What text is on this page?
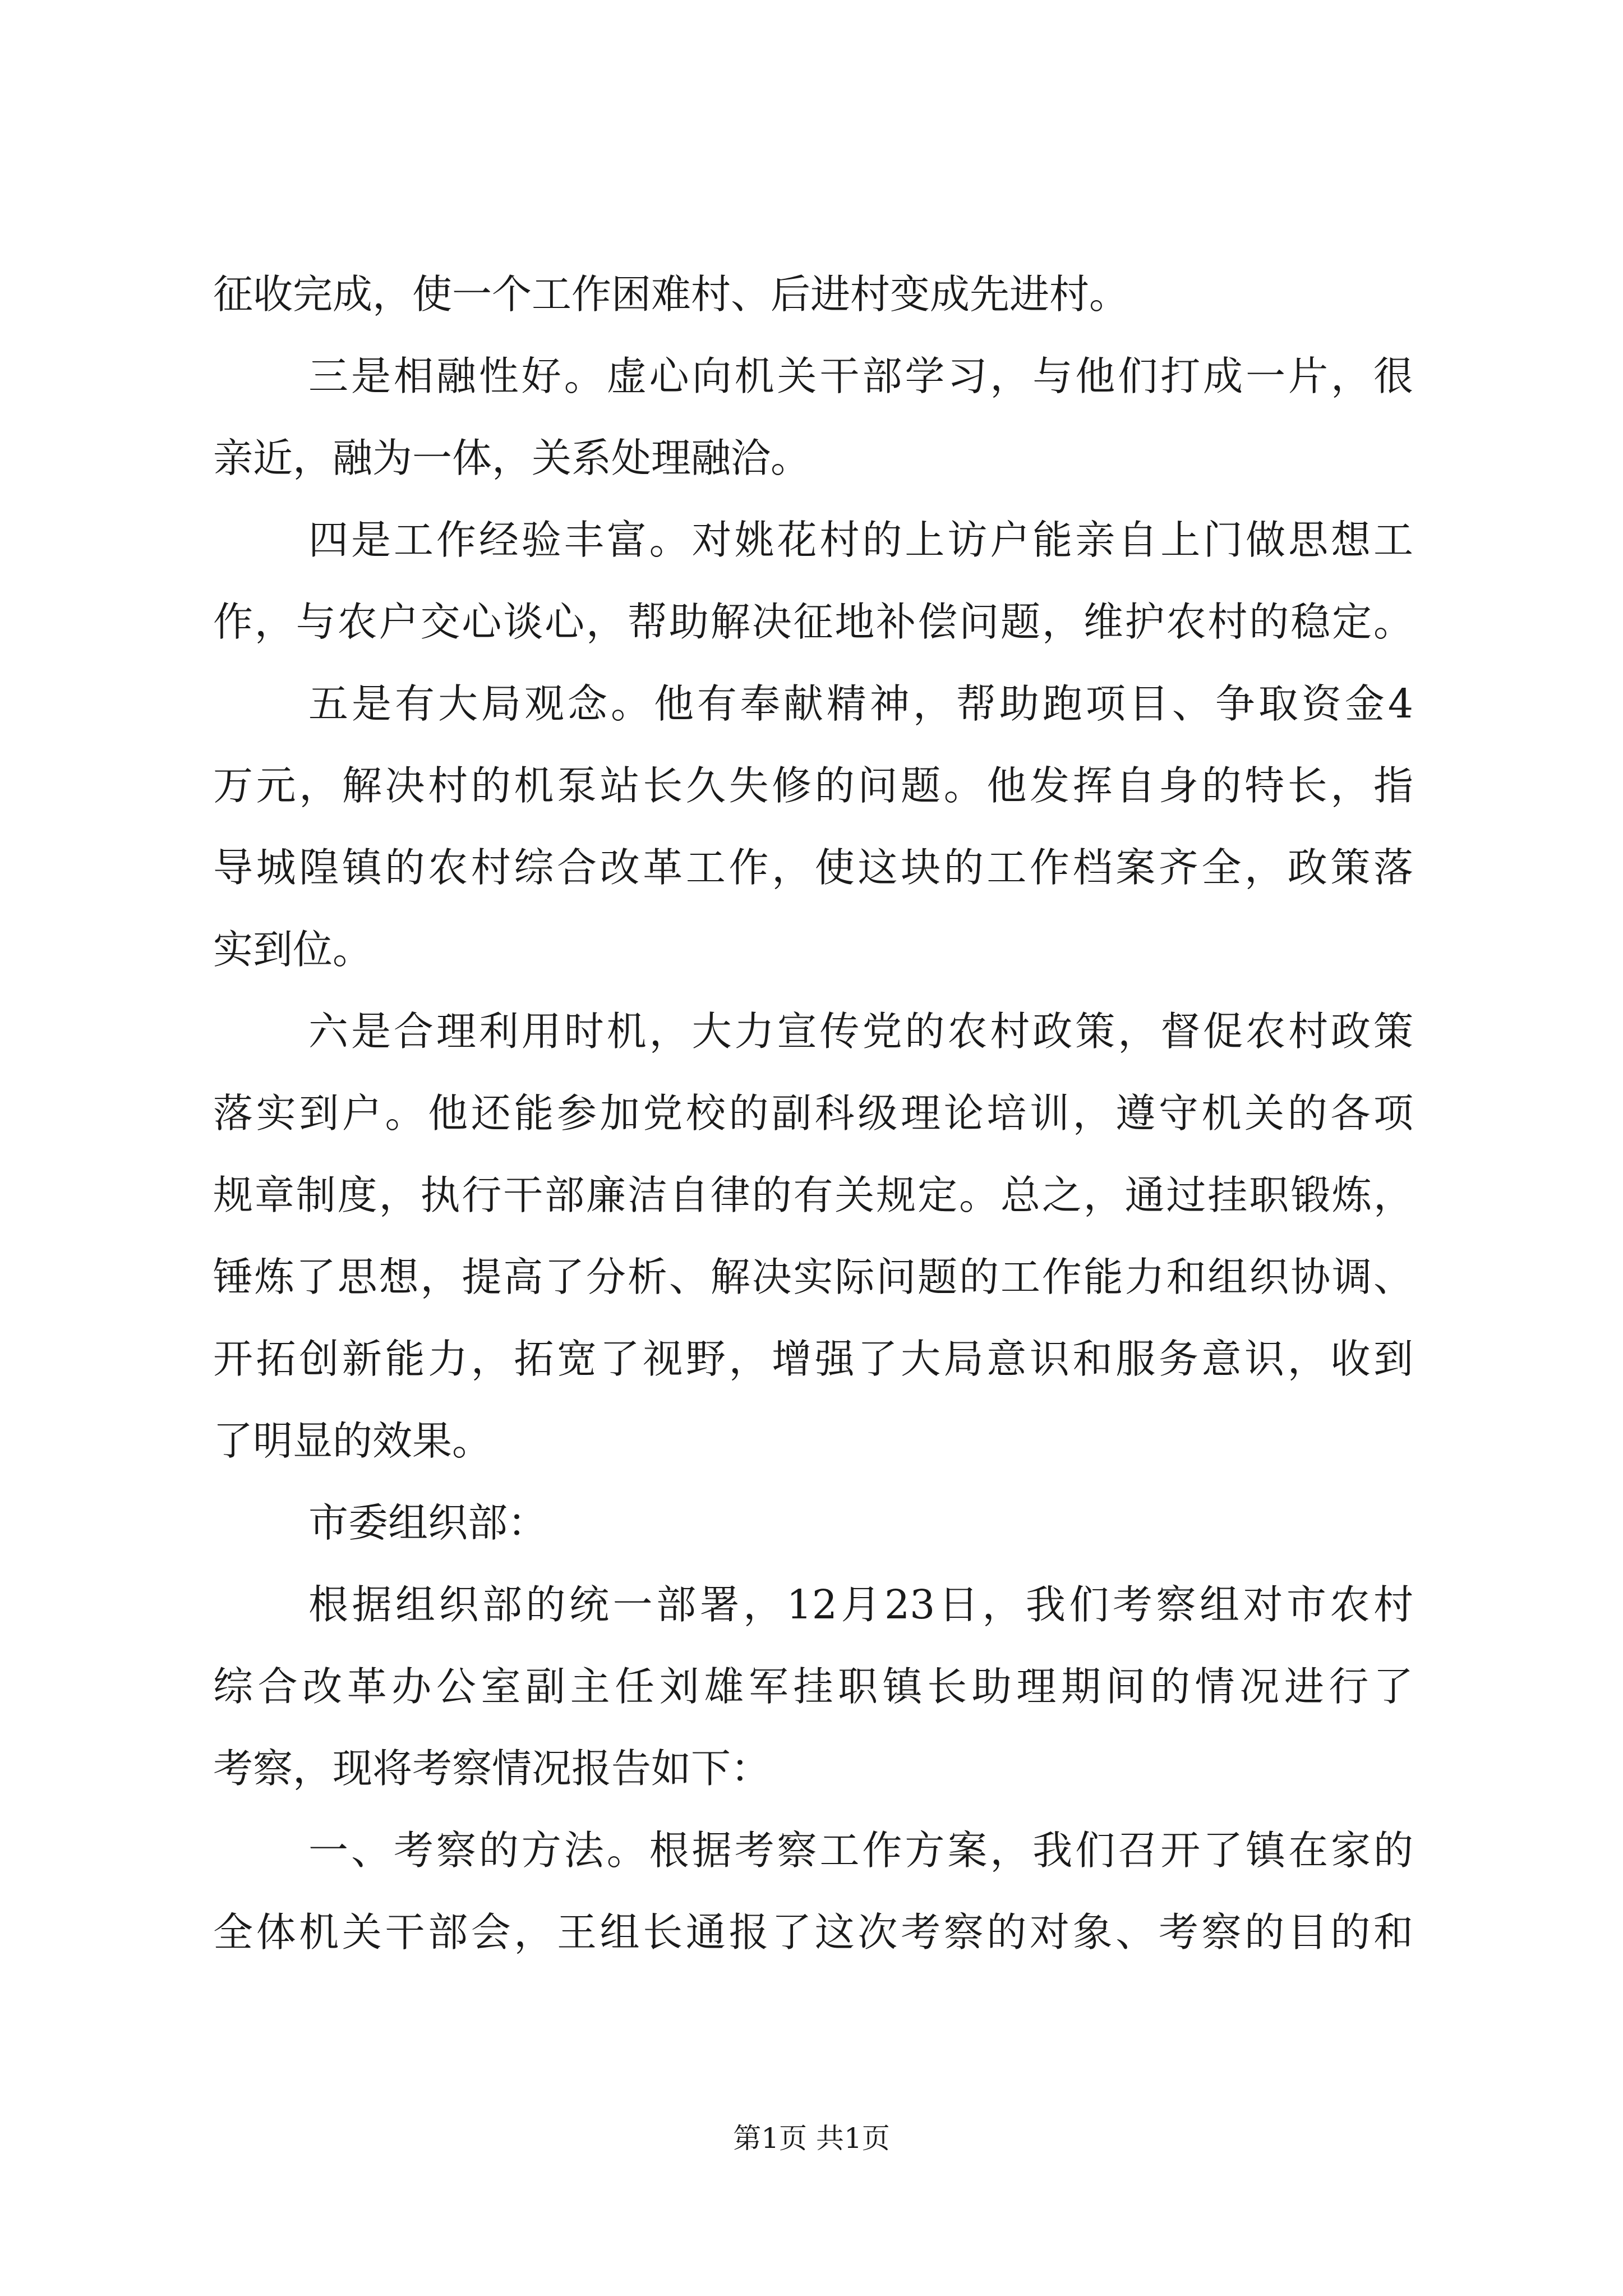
征收完成，使一个工作困难村、后进村变成先进村。
三是相融性好。虚心向机关干部学习，与他们打成一片，很
亲近，融为一体，关系处理融洽。
四是工作经验丰富。对姚花村的上访户能亲自上门做思想工
作，与农户交心谈心，帮助解决征地补偿问题，维护农村的稳定。
五是有大局观念。他有奉献精神，帮助跑项目、争取资金4
万元，解决村的机泵站长久失修的问题。他发挥自身的特长，指
导城隍镇的农村综合改革工作，使这块的工作档案齐全，政策落
实到位。
六是合理利用时机，大力宣传党的农村政策，督促农村政策
落实到户。他还能参加党校的副科级理论培训，遵守机关的各项
规章制度，执行干部廉洁自律的有关规定。总之，通过挂职锻炼，
锤炼了思想，提高了分析、解决实际问题的工作能力和组织协调、
开拓创新能力，拓宽了视野，增强了大局意识和服务意识，收到
了明显的效果。
市委组织部：
根据组织部的统一部署，12月23日，我们考察组对市农村
综合改革办公室副主任刘雄军挂职镇长助理期间的情况进行了
考察，现将考察情况报告如下：
一、考察的方法。根据考察工作方案，我们召开了镇在家的
全体机关干部会，王组长通报了这次考察的对象、考察的目的和
第1页 共1页
